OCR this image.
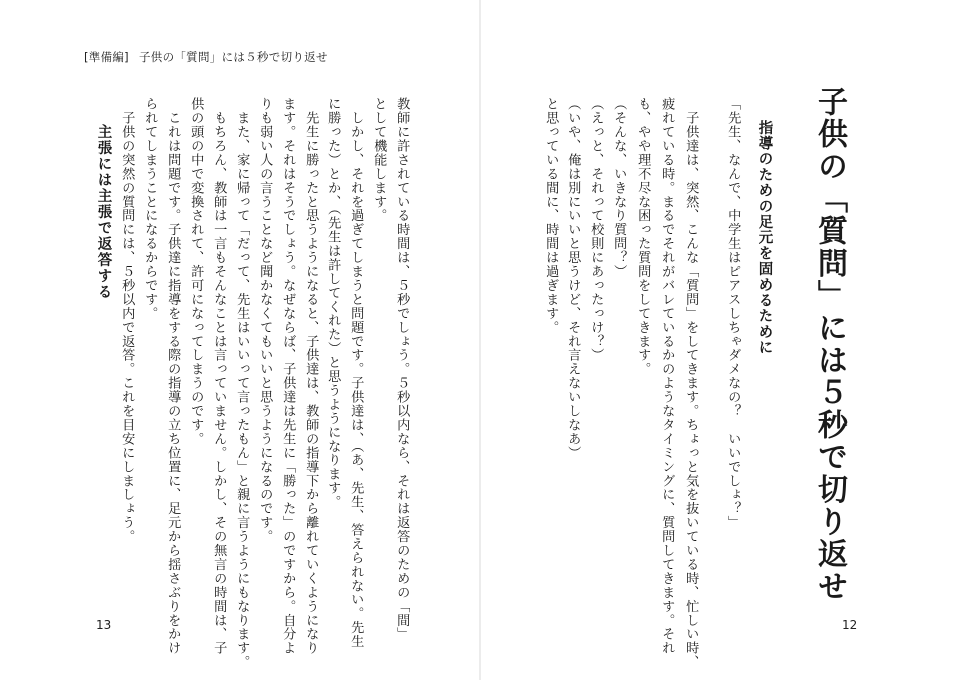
[準備編] 子供の「質問」には５秒で切り返せ
子供の「質問」には５秒で切り返せ
指導のための足元を固めるために
「先生、なんで、中学生はピアスしちゃダメなの？　いいでしょ？」
　子供達は、突然、こんな「質問」をしてきます。ちょっと気を抜いている時、忙しい時、
疲れている時。まるでそれがバレているかのようなタイミングに、質問してきます。それ
も、やや理不尽な困った質問をしてきます。
（そんな、いきなり質問？）
（えっと、それって校則にあったっけ？）
（いや、俺は別にいいと思うけど、それ言えないしなあ）
と思っている間に、時間は過ぎます。
教師に許されている時間は、５秒でしょう。５秒以内なら、それは返答のための「間」
として機能します。
　しかし、それを過ぎてしまうと問題です。子供達は、（あ、先生、答えられない。先生
に勝った）とか、（先生は許してくれた）と思うようになります。
　先生に勝ったと思うようになると、子供達は、教師の指導下から離れていくようになり
ます。それはそうでしょう。なぜならば、子供達は先生に「勝った」のですから。自分よ
りも弱い人の言うことなど聞かなくてもいいと思うようになるのです。
　また、家に帰って「だって、先生はいいって言ったもん」と親に言うようにもなります。
　もちろん、教師は一言もそんなことは言っていません。しかし、その無言の時間は、子
供の頭の中で変換されて、許可になってしまうのです。
　これは問題です。子供達に指導をする際の指導の立ち位置に、足元から揺さぶりをかけ
られてしまうことになるからです。
　子供の突然の質問には、５秒以内で返答。これを目安にしましょう。
主張には主張で返答する
13	12
